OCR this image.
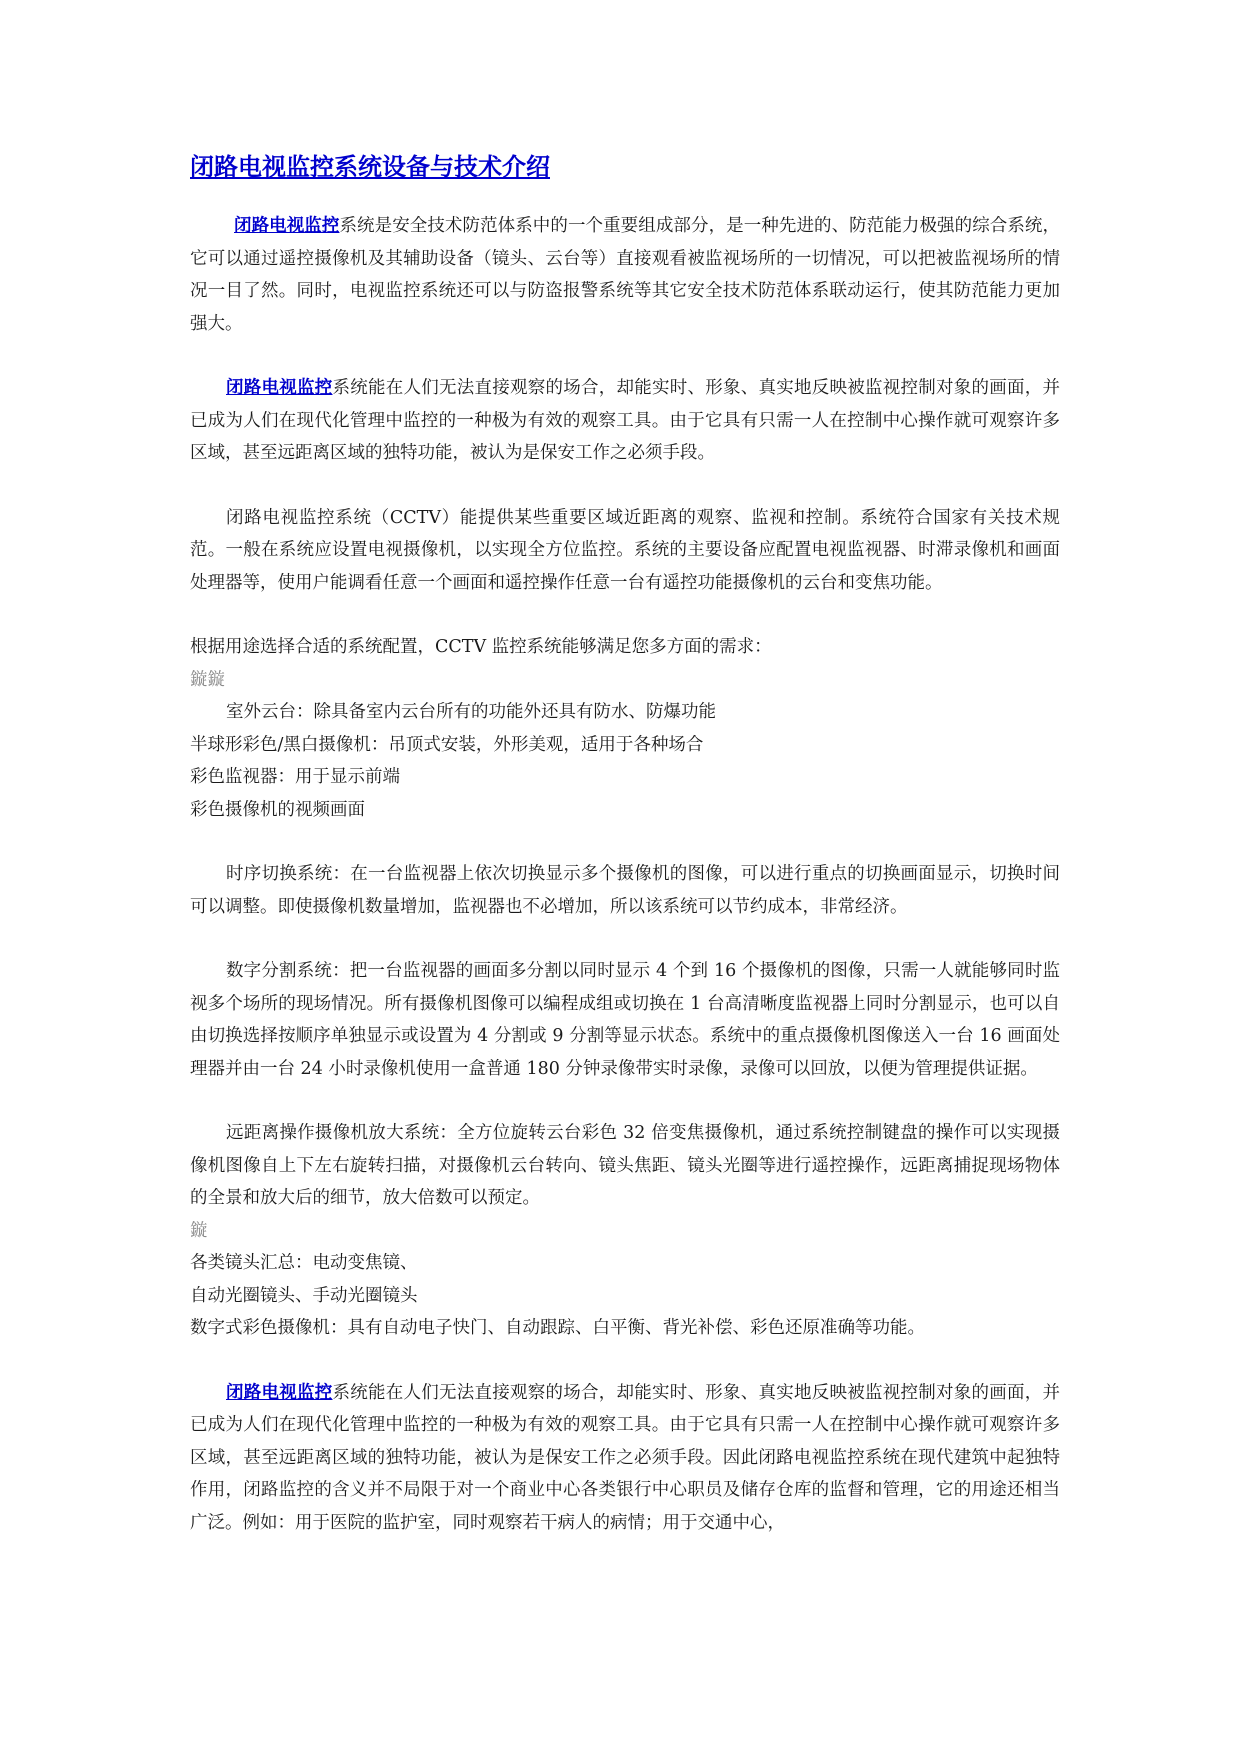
闭路电视监控系统设备与技术介绍

闭路电视监控系统是安全技术防范体系中的一个重要组成部分，是一种先进的、防范能力极强的综合系统，它可以通过遥控摄像机及其辅助设备（镜头、云台等）直接观看被监视场所的一切情况，可以把被监视场所的情况一目了然。同时，电视监控系统还可以与防盗报警系统等其它安全技术防范体系联动运行，使其防范能力更加强大。

闭路电视监控系统能在人们无法直接观察的场合，却能实时、形象、真实地反映被监视控制对象的画面，并已成为人们在现代化管理中监控的一种极为有效的观察工具。由于它具有只需一人在控制中心操作就可观察许多区域，甚至远距离区域的独特功能，被认为是保安工作之必须手段。

闭路电视监控系统（CCTV）能提供某些重要区域近距离的观察、监视和控制。系统符合国家有关技术规范。一般在系统应设置电视摄像机，以实现全方位监控。系统的主要设备应配置电视监视器、时滞录像机和画面处理器等，使用户能调看任意一个画面和遥控操作任意一台有遥控功能摄像机的云台和变焦功能。

根据用途选择合适的系统配置，CCTV 监控系统能够满足您多方面的需求：
鏇鏇
室外云台：除具备室内云台所有的功能外还具有防水、防爆功能
半球形彩色/黑白摄像机：吊顶式安装，外形美观，适用于各种场合
彩色监视器：用于显示前端
彩色摄像机的视频画面

时序切换系统：在一台监视器上依次切换显示多个摄像机的图像，可以进行重点的切换画面显示，切换时间可以调整。即使摄像机数量增加，监视器也不必增加，所以该系统可以节约成本，非常经济。

数字分割系统：把一台监视器的画面多分割以同时显示 4 个到 16 个摄像机的图像，只需一人就能够同时监视多个场所的现场情况。所有摄像机图像可以编程成组或切换在 1 台高清晰度监视器上同时分割显示，也可以自由切换选择按顺序单独显示或设置为 4 分割或 9 分割等显示状态。系统中的重点摄像机图像送入一台 16 画面处理器并由一台 24 小时录像机使用一盒普通 180 分钟录像带实时录像，录像可以回放，以便为管理提供证据。

远距离操作摄像机放大系统：全方位旋转云台彩色 32 倍变焦摄像机，通过系统控制键盘的操作可以实现摄像机图像自上下左右旋转扫描，对摄像机云台转向、镜头焦距、镜头光圈等进行遥控操作，远距离捕捉现场物体的全景和放大后的细节，放大倍数可以预定。

鏇
各类镜头汇总：电动变焦镜、
自动光圈镜头、手动光圈镜头
数字式彩色摄像机：具有自动电子快门、自动跟踪、白平衡、背光补偿、彩色还原准确等功能。

闭路电视监控系统能在人们无法直接观察的场合，却能实时、形象、真实地反映被监视控制对象的画面，并已成为人们在现代化管理中监控的一种极为有效的观察工具。由于它具有只需一人在控制中心操作就可观察许多区域，甚至远距离区域的独特功能，被认为是保安工作之必须手段。因此闭路电视监控系统在现代建筑中起独特作用，闭路监控的含义并不局限于对一个商业中心各类银行中心职员及储存仓库的监督和管理，它的用途还相当广泛。例如：用于医院的监护室，同时观察若干病人的病情；用于交通中心，
